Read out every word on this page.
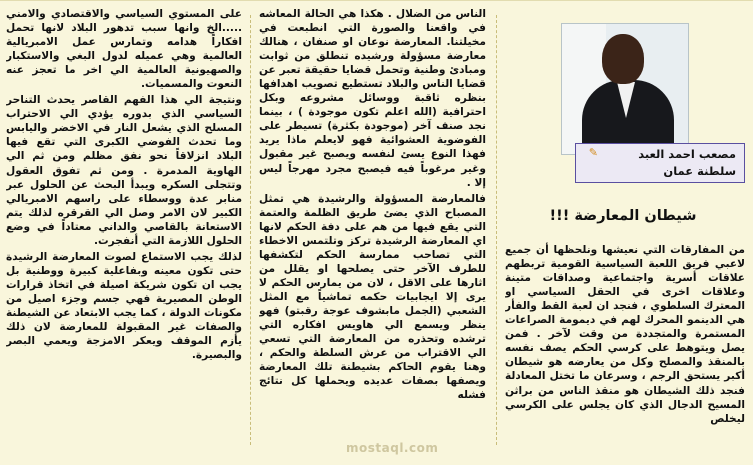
✎	مصعب احمد العبد
سلطنة عمان
شيطان المعارضة !!!

من المفارقات التي نعيشها ونلحظها أن جميع لاعبي فريق اللعبة السياسية القومية تربطهم علاقات أسرية واجتماعية وصداقات متينة وعلاقات اخرى في الحقل السياسي او المعترك السلطوي ، فنجد ان لعبة القط والفأر هي الدينمو المحرك لهم في ديمومة الصراعات المستمرة والمتجددة من وقت لآخر . فمن يصل ويتوهط على كرسي الحكم يصف نفسه بالمنقذ والمصلح وكل من يعارضه هو شيطان أكبر يستحق الرجم ، وسرعان ما تختل المعادلة فنجد ذلك الشيطان هو منقذ الناس من براثن المسيح الدجال الذي كان يجلس على الكرسي ليخلص

الناس من الضلال . هكذا هي الحالة المعاشه في واقعنا والصورة التي انطبعت في مخيلتنا. المعارضة نوعان او صنفان ، هنالك معارضة مسؤولة ورشيده تنطلق من ثوابت ومبادئ وطنية وتحمل قضايا حقيقة تعبر عن قضايا الناس والبلاد تستطيع تصويب اهدافها بنظره ثاقبة ووسائل مشروعه وبكل احترافية (الله اعلم تكون موجودة ) ، بينما نجد صنف آخر (موجودة بكثرة) تسيطر على الفوضوية العشوائية فهو لايعلم ماذا يريد فهذا النوع يسئ لنفسه ويصبح غير مقبول وغير مرغوباً فيه فيصبح مجرد مهرجاً ليس إلا .

فالمعارضة المسؤولة والرشيدة هي تمثل المصباح الذي يضئ طريق الظلمة والعتمة التي يقع فيها من هم على دفة الحكم لانها اي المعارضة الرشيدة تركز وتلتمس الاخطاء التي تصاحب ممارسة الحكم لتكشفها للطرف الآخر حتى يصلحها او يقلل من اثارها على الاقل ، لان من يمارس الحكم لا يرى إلا ايجابيات حكمه تماشياً مع المثل الشعبي (الجمل مابشوف عوجة رقبتو) فهو ينظر ويسمع الي هاويس افكاره التي ترشده وتحذره من المعارضة التي تسعي الي الاقتراب من عرش السلطة والحكم ، وهنا يقوم الحاكم بشيطنة تلك المعارضة ويصفها بصفات عديده ويحملها كل نتائج فشله

على المستوي السياسي والاقتصادي والامني .....الخ وانها سبب تدهور البلاد لانها تحمل افكاراً هدامه وتمارس عمل الامبريالية العالمية وهي عميله لدول البغي والاستكبار والصهيونية العالمية الي اخر ما تعجز عنه النعوت والمسميات.

ونتيجة الي هذا الفهم القاصر يحدث التناحر السياسي الذي بدوره يؤدي الي الاحتراب المسلح الذي يشعل النار في الاخضر واليابس وما تحدث الفوضي الكبرى التي تقع فيها البلاد انزلاقاً نحو نفق مظلم ومن ثم الي الهاوية المدمرة . ومن ثم تفوق العقول وتتجلى السكره ويبدأ البحث عن الحلول عبر منابر عدة ووسطاء على راسهم الامبريالي الكبير لان الامر وصل الي القرقره لذلك يتم الاستعانة بالقاصي والداني معتاداً في وضع الحلول اللازمة التي أنفجرت.

لذلك يجب الاستماع لصوت المعارضة الرشيدة حتى تكون معينه وبفاعلية كبيرة ووطنية بل يجب ان تكون شريكة اصيلة في اتخاذ قرارات الوطن المصيرية فهي جسم وجزء اصيل من مكونات الدولة ، كما يجب الابتعاد عن الشيطنة والصفات غير المقبولة للمعارضة لان ذلك يأزم الموقف ويعكر الامزجة ويعمي البصر والبصيرة.

mostaql.com
